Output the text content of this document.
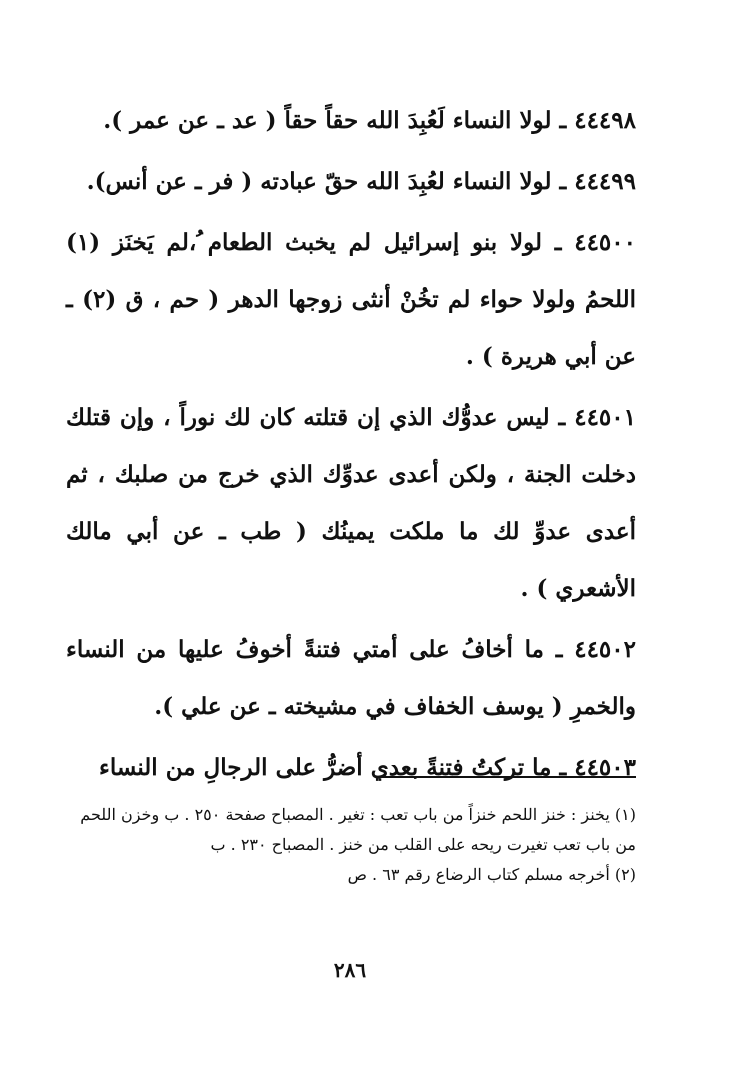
٤٤٤٩٨ ـ لولا النساء لَعُبِدَ الله حقاً حقاً ( عد ـ عن عمر ).

٤٤٤٩٩ ـ لولا النساء لعُبِدَ الله حقّ عبادته ( فر ـ عن أنس).

٤٤٥٠٠ ـ لولا بنو إسرائيل لم يخبث الطعام ُ،لم يَخنَز (١) اللحمُ ولولا حواء لم تخُنْ أنثى زوجها الدهر ( حم ، ق (٢) ـ عن أبي هريرة ) .

٤٤٥٠١ ـ ليس عدوُّك الذي إن قتلته كان لك نوراً ، وإن قتلك دخلت الجنة ، ولكن أعدى عدوِّك الذي خرج من صلبك ، ثم أعدى عدوِّ لك ما ملكت يمينُك ( طب ـ عن أبي مالك الأشعري ) .

٤٤٥٠٢ ـ ما أخافُ على أمتي فتنةً أخوفُ عليها من النساء والخمرِ ( يوسف الخفاف في مشيخته ـ عن علي ).

٤٤٥٠٣ ـ ما تركتُ فتنةً بعدي أضرُّ على الرجالِ من النساء

(١) يخنز : خنز اللحم خنزاً من باب تعب : تغير . المصباح صفحة ٢٥٠ . ب وخزن اللحم من باب تعب تغيرت ريحه على القلب من خنز . المصباح ٢٣٠ . ب

(٢) أخرجه مسلم كتاب الرضاع رقم ٦٣ . ص

٢٨٦
